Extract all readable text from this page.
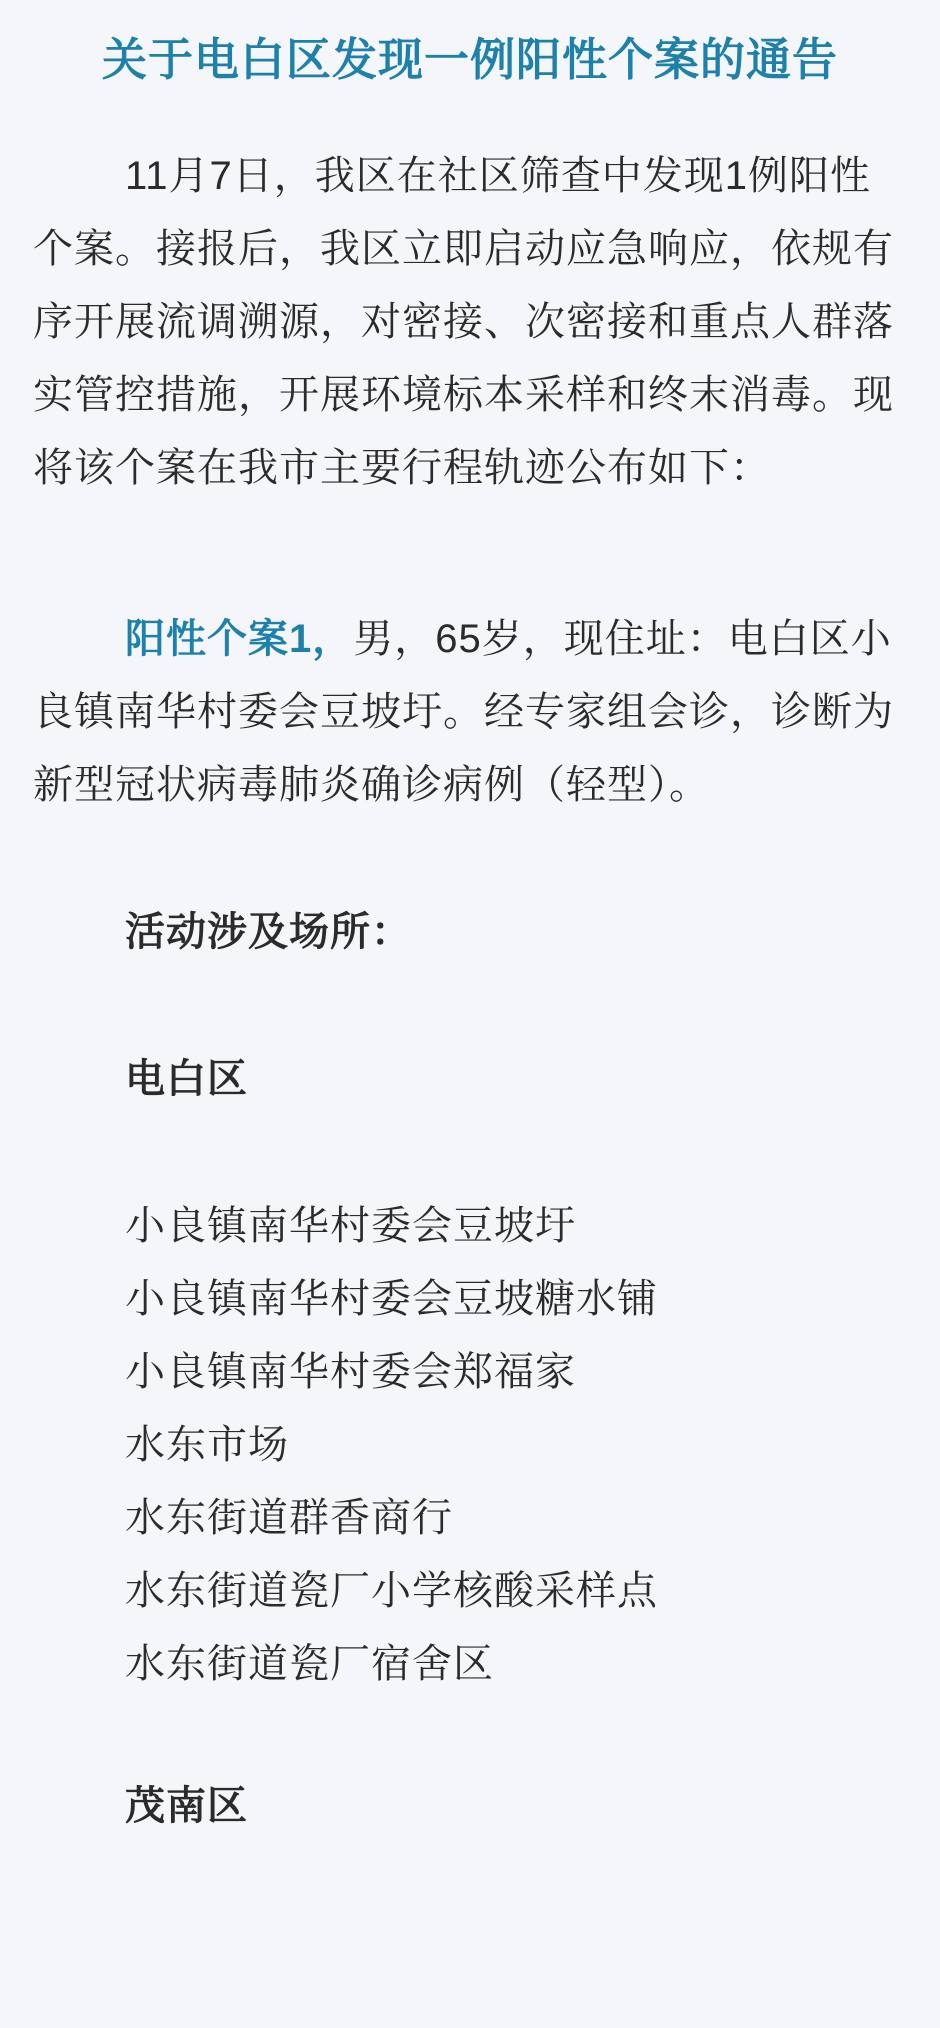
关于电白区发现一例阳性个案的通告

11月7日，我区在社区筛查中发现1例阳性个案。接报后，我区立即启动应急响应，依规有序开展流调溯源，对密接、次密接和重点人群落实管控措施，开展环境标本采样和终末消毒。现将该个案在我市主要行程轨迹公布如下：

阳性个案1，男，65岁，现住址：电白区小良镇南华村委会豆坡圩。经专家组会诊，诊断为新型冠状病毒肺炎确诊病例（轻型）。

活动涉及场所：

电白区

小良镇南华村委会豆坡圩

小良镇南华村委会豆坡糖水铺

小良镇南华村委会郑福家

水东市场

水东街道群香商行

水东街道瓷厂小学核酸采样点

水东街道瓷厂宿舍区

茂南区
